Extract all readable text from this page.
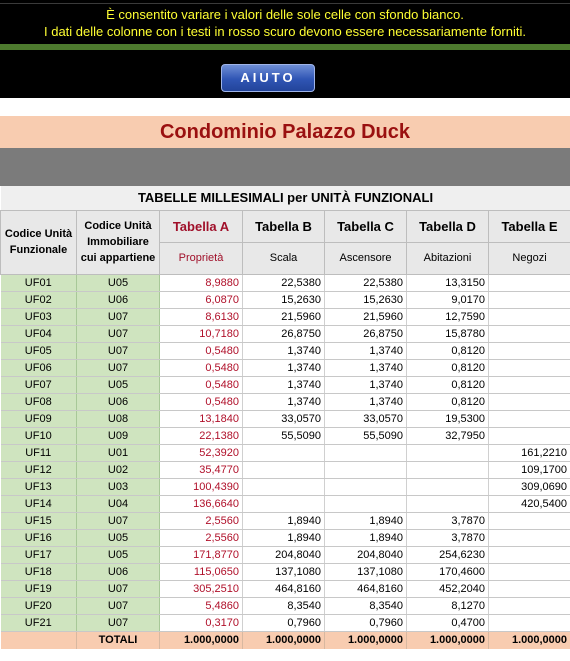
È consentito variare i valori delle sole celle con sfondo bianco.
I dati delle colonne con i testi in rosso scuro devono essere necessariamente forniti.
AIUTO
Condominio Palazzo Duck
TABELLE MILLESIMALI per UNITÀ FUNZIONALI						
Codice Unità Funzionale	Codice Unità Immobiliare cui appartiene	Tabella A	Tabella B	Tabella C	Tabella D	Tabella E
		Proprietà	Scala	Ascensore	Abitazioni	Negozi
UF01	U05	8,9880	22,5380	22,5380	13,3150	
UF02	U06	6,0870	15,2630	15,2630	9,0170	
UF03	U07	8,6130	21,5960	21,5960	12,7590	
UF04	U07	10,7180	26,8750	26,8750	15,8780	
UF05	U07	0,5480	1,3740	1,3740	0,8120	
UF06	U07	0,5480	1,3740	1,3740	0,8120	
UF07	U05	0,5480	1,3740	1,3740	0,8120	
UF08	U06	0,5480	1,3740	1,3740	0,8120	
UF09	U08	13,1840	33,0570	33,0570	19,5300	
UF10	U09	22,1380	55,5090	55,5090	32,7950	
UF11	U01	52,3920				161,2210
UF12	U02	35,4770				109,1700
UF13	U03	100,4390				309,0690
UF14	U04	136,6640				420,5400
UF15	U07	2,5560	1,8940	1,8940	3,7870	
UF16	U05	2,5560	1,8940	1,8940	3,7870	
UF17	U05	171,8770	204,8040	204,8040	254,6230	
UF18	U06	115,0650	137,1080	137,1080	170,4600	
UF19	U07	305,2510	464,8160	464,8160	452,2040	
UF20	U07	5,4860	8,3540	8,3540	8,1270	
UF21	U07	0,3170	0,7960	0,7960	0,4700	
	TOTALI	1.000,0000	1.000,0000	1.000,0000	1.000,0000	1.000,0000
